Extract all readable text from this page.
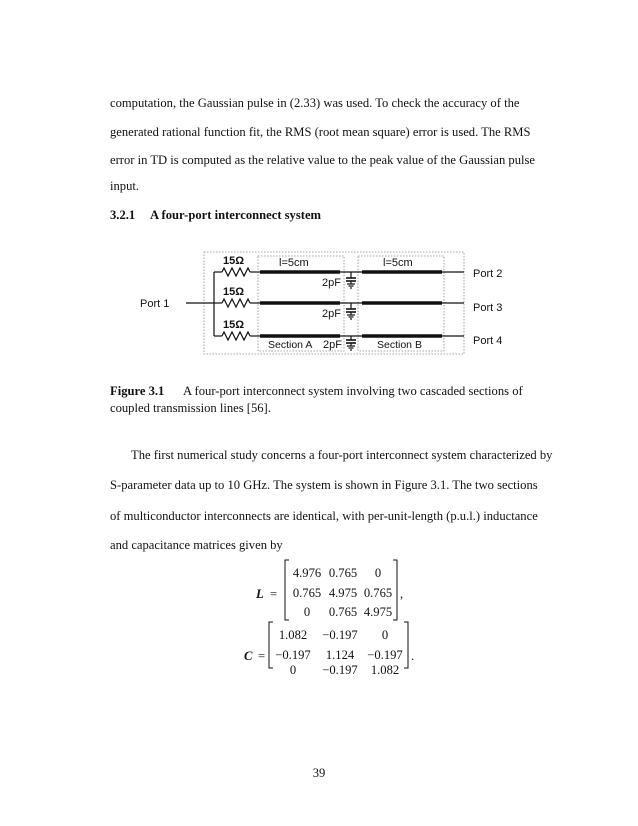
computation, the Gaussian pulse in (2.33) was used. To check the accuracy of the
generated rational function fit, the RMS (root mean square) error is used. The RMS
error in TD is computed as the relative value to the peak value of the Gaussian pulse
input.
3.2.1 A four-port interconnect system
Port 1
15Ω	l=5cm	l=5cm
15Ω
15Ω
2pF
2pF
2pF
Section A	Section B
Port 2
Port 3
Port 4
Figure 3.1 A four-port interconnect system involving two cascaded sections of coupled transmission lines [56].
The first numerical study concerns a four-port interconnect system characterized by
S-parameter data up to 10 GHz. The system is shown in Figure 3.1. The two sections
of multiconductor interconnects are identical, with per-unit-length (p.u.l.) inductance
and capacitance matrices given by
L =
4.976 0.765 0
0.765 4.975 0.765
0 0.765 4.975
,
C =
1.082 −0.197 0
−0.197 1.124 −0.197
0 −0.197 1.082
.
39
